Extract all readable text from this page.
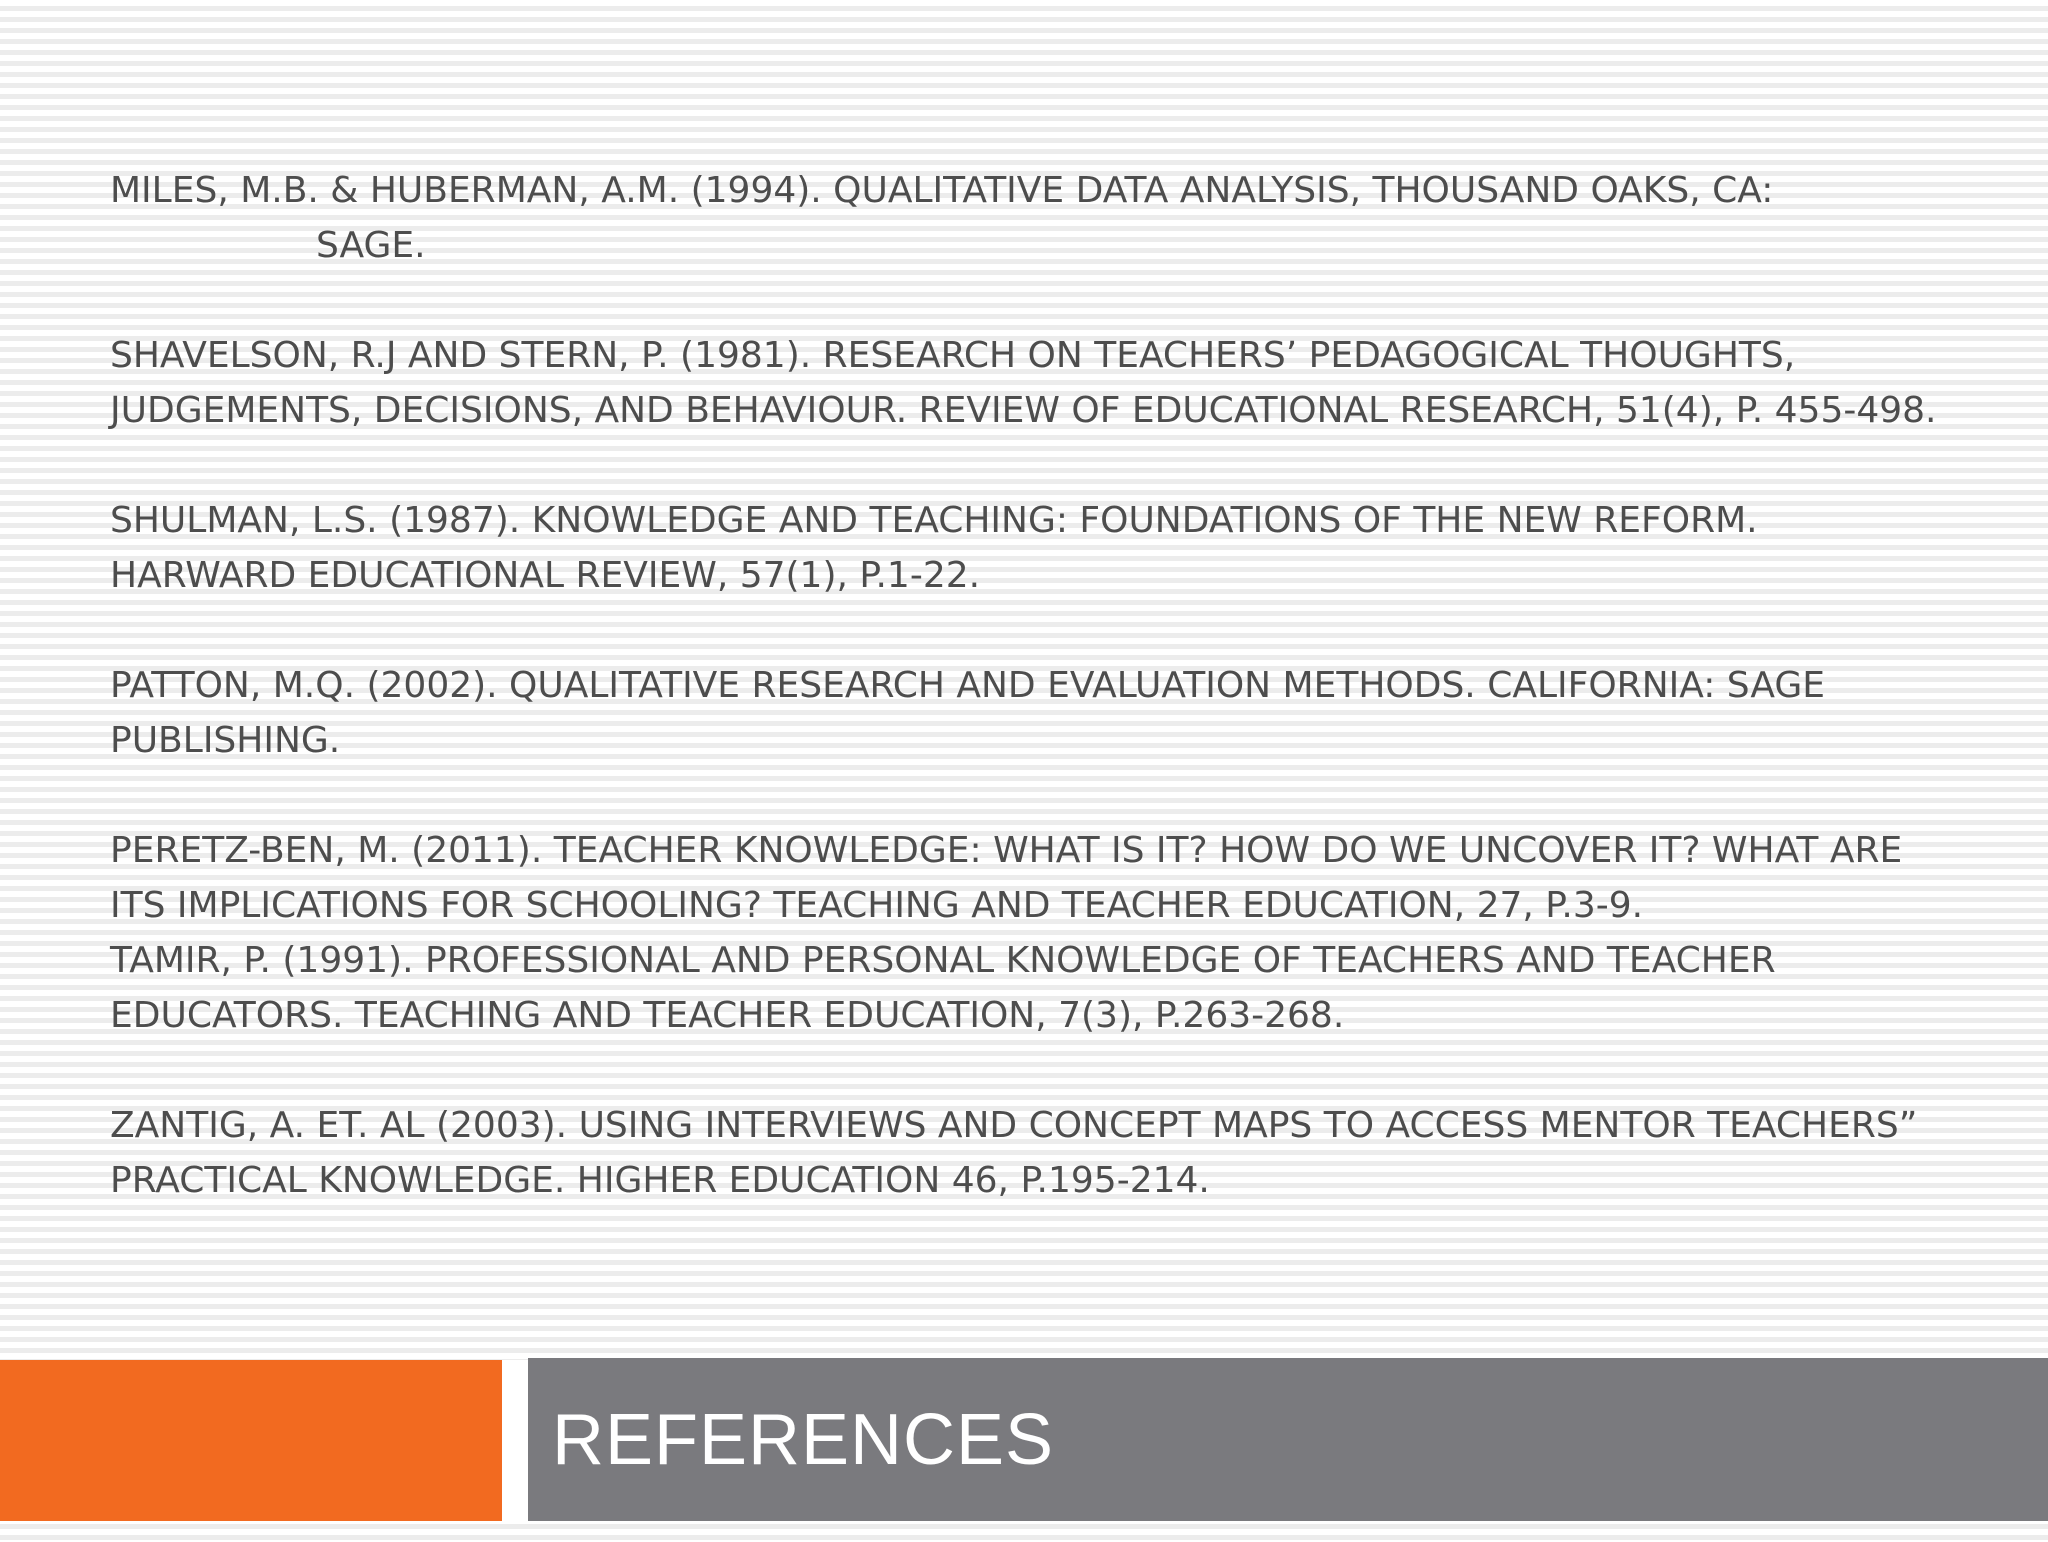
MILES, M.B. & HUBERMAN, A.M. (1994). QUALITATIVE DATA ANALYSIS, THOUSAND OAKS, CA:
SAGE.

SHAVELSON, R.J AND STERN, P. (1981). RESEARCH ON TEACHERS’ PEDAGOGICAL THOUGHTS, JUDGEMENTS, DECISIONS, AND BEHAVIOUR. REVIEW OF EDUCATIONAL RESEARCH, 51(4), P. 455-498.

SHULMAN, L.S. (1987). KNOWLEDGE AND TEACHING: FOUNDATIONS OF THE NEW REFORM. HARWARD EDUCATIONAL REVIEW, 57(1), P.1-22.

PATTON, M.Q. (2002). QUALITATIVE RESEARCH AND EVALUATION METHODS. CALIFORNIA: SAGE PUBLISHING.

PERETZ-BEN, M. (2011). TEACHER KNOWLEDGE: WHAT IS IT? HOW DO WE UNCOVER IT? WHAT ARE ITS IMPLICATIONS FOR SCHOOLING? TEACHING AND TEACHER EDUCATION, 27, P.3-9.

TAMIR, P. (1991). PROFESSIONAL AND PERSONAL KNOWLEDGE OF TEACHERS AND TEACHER EDUCATORS. TEACHING AND TEACHER EDUCATION, 7(3), P.263-268.

ZANTIG, A. ET. AL (2003). USING INTERVIEWS AND CONCEPT MAPS TO ACCESS MENTOR TEACHERS” PRACTICAL KNOWLEDGE. HIGHER EDUCATION 46, P.195-214.

REFERENCES
